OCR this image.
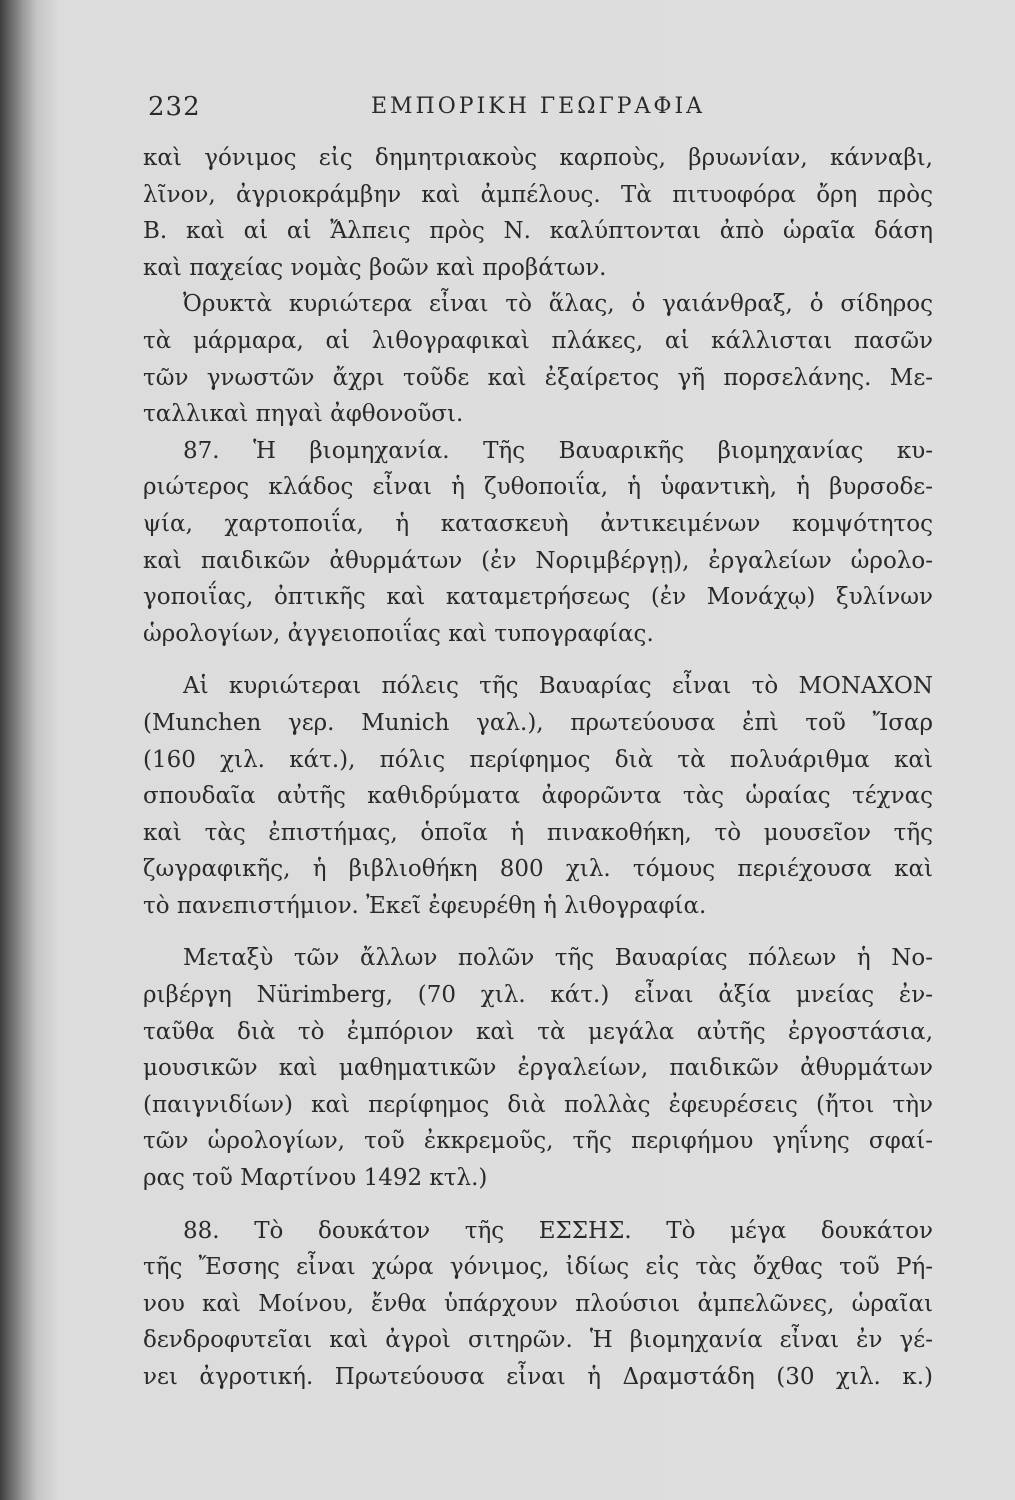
232	ΕΜΠΟΡΙΚΗ ΓΕΩΓΡΑΦΙΑ
καὶ γόνιμος εἰς δημητριακοὺς καρποὺς, βρυωνίαν, κάνναβι,
λῖνον, ἀγριοκράμβην καὶ ἀμπέλους. Τὰ πιτυοφόρα ὄρη πρὸς
Β. καὶ αἱ αἱ Ἄλπεις πρὸς Ν. καλύπτονται ἀπὸ ὡραῖα δάση
καὶ παχείας νομὰς βοῶν καὶ προβάτων.
Ὀρυκτὰ κυριώτερα εἶναι τὸ ἅλας, ὁ γαιάνθραξ, ὁ σίδηρος
τὰ μάρμαρα, αἱ λιθογραφικαὶ πλάκες, αἱ κάλλισται πασῶν
τῶν γνωστῶν ἄχρι τοῦδε καὶ ἐξαίρετος γῆ πορσελάνης. Με-
ταλλικαὶ πηγαὶ ἀφθονοῦσι.
87. Ἡ βιομηχανία. Τῆς Βαυαρικῆς βιομηχανίας κυ-
ριώτερος κλάδος εἶναι ἡ ζυθοποιΐα, ἡ ὑφαντικὴ, ἡ βυρσοδε-
ψία, χαρτοποιΐα, ἡ κατασκευὴ ἀντικειμένων κομψότητος
καὶ παιδικῶν ἀθυρμάτων (ἐν Νοριμβέργῃ), ἐργαλείων ὡρολο-
γοποιΐας, ὀπτικῆς καὶ καταμετρήσεως (ἐν Μονάχῳ) ξυλίνων
ὡρολογίων, ἀγγειοποιΐας καὶ τυπογραφίας.
Αἱ κυριώτεραι πόλεις τῆς Βαυαρίας εἶναι τὸ ΜΟΝΑΧΟΝ
(Munchen γερ. Munich γαλ.), πρωτεύουσα ἐπὶ τοῦ Ἴσαρ
(160 χιλ. κάτ.), πόλις περίφημος διὰ τὰ πολυάριθμα καὶ
σπουδαῖα αὐτῆς καθιδρύματα ἀφορῶντα τὰς ὡραίας τέχνας
καὶ τὰς ἐπιστήμας, ὁποῖα ἡ πινακοθήκη, τὸ μουσεῖον τῆς
ζωγραφικῆς, ἡ βιβλιοθήκη 800 χιλ. τόμους περιέχουσα καὶ
τὸ πανεπιστήμιον. Ἐκεῖ ἐφευρέθη ἡ λιθογραφία.
Μεταξὺ τῶν ἄλλων πολῶν τῆς Βαυαρίας πόλεων ἡ Νο-
ριβέργη Nürimberg, (70 χιλ. κάτ.) εἶναι ἀξία μνείας ἐν-
ταῦθα διὰ τὸ ἐμπόριον καὶ τὰ μεγάλα αὐτῆς ἐργοστάσια,
μουσικῶν καὶ μαθηματικῶν ἐργαλείων, παιδικῶν ἀθυρμάτων
(παιγνιδίων) καὶ περίφημος διὰ πολλὰς ἐφευρέσεις (ἤτοι τὴν
τῶν ὡρολογίων, τοῦ ἐκκρεμοῦς, τῆς περιφήμου γηΐνης σφαί-
ρας τοῦ Μαρτίνου 1492 κτλ.)
88. Τὸ δουκάτον τῆς ΕΣΣΗΣ. Τὸ μέγα δουκάτον
τῆς Ἔσσης εἶναι χώρα γόνιμος, ἰδίως εἰς τὰς ὄχθας τοῦ Ρή-
νου καὶ Μοίνου, ἔνθα ὑπάρχουν πλούσιοι ἀμπελῶνες, ὡραῖαι
δενδροφυτεῖαι καὶ ἀγροὶ σιτηρῶν. Ἡ βιομηχανία εἶναι ἐν γέ-
νει ἀγροτική. Πρωτεύουσα εἶναι ἡ Δραμστάδη (30 χιλ. κ.)
